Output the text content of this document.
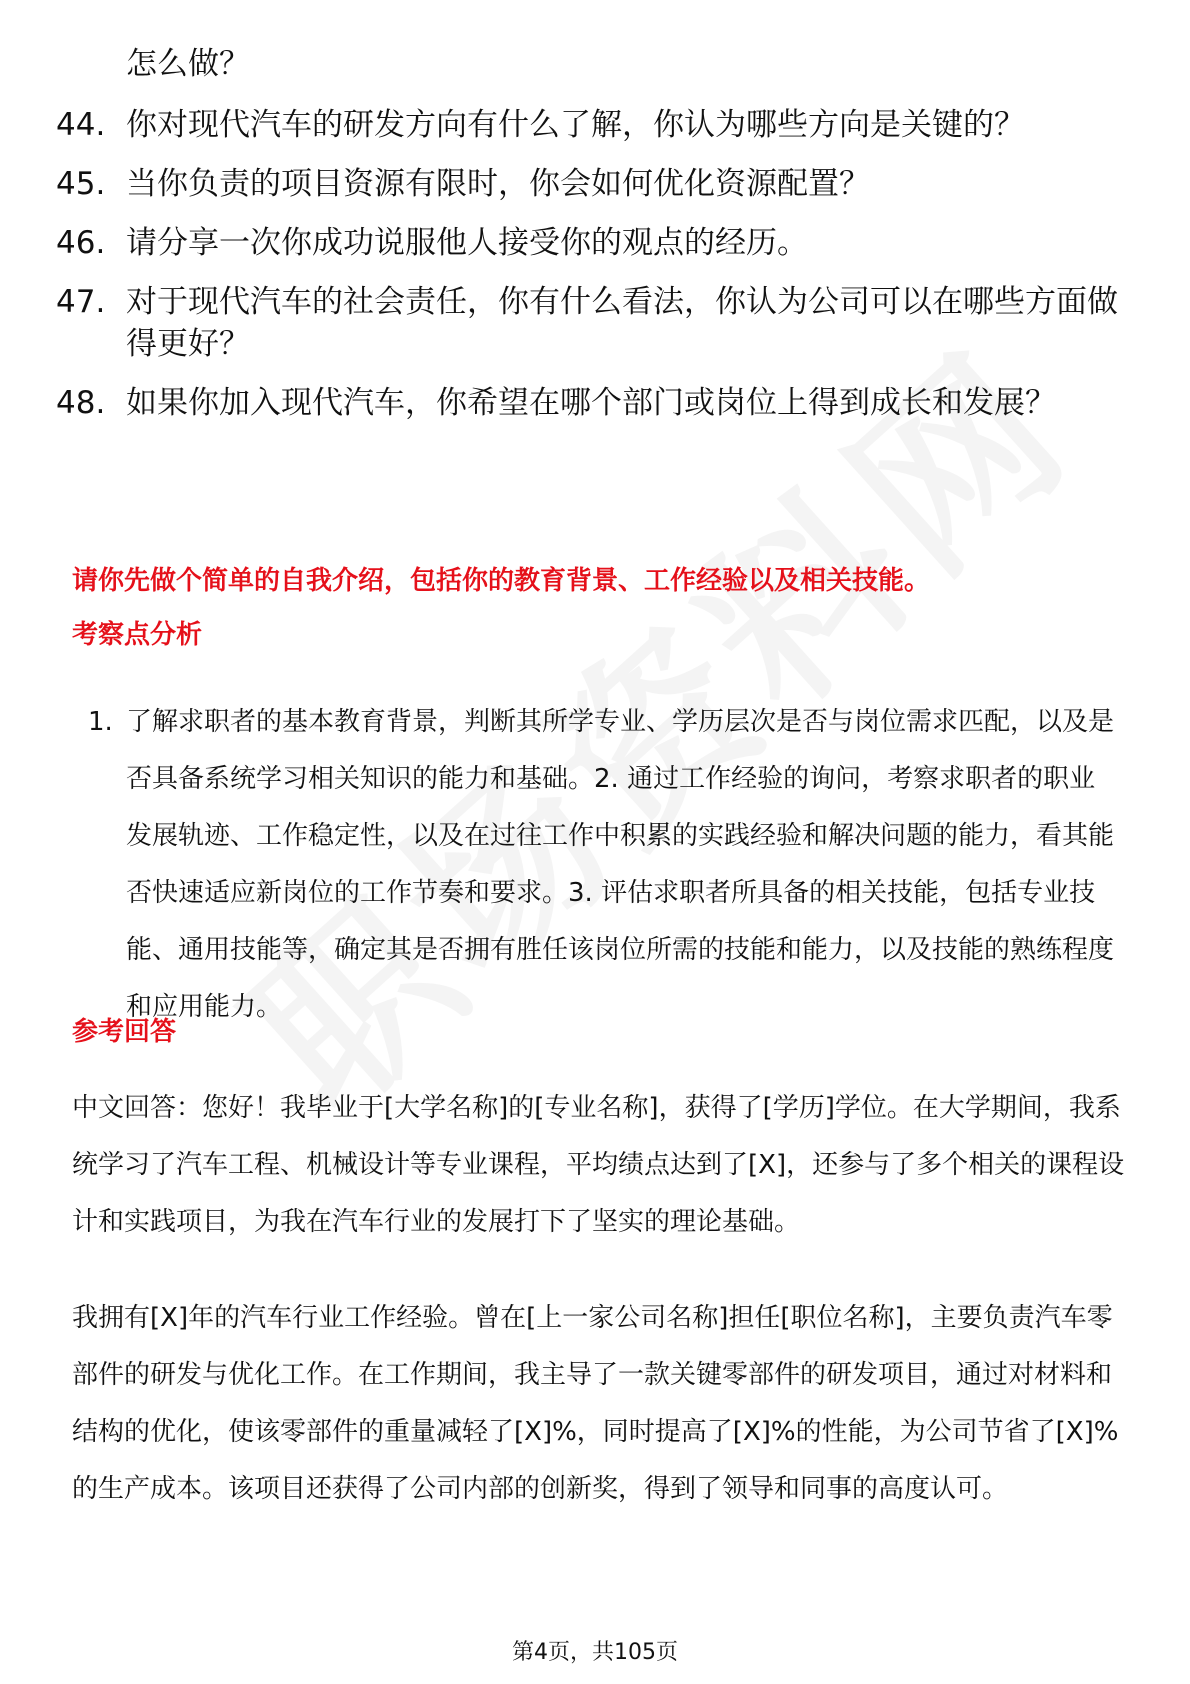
怎么做？
44. 你对现代汽车的研发方向有什么了解，你认为哪些方向是关键的？
45. 当你负责的项目资源有限时，你会如何优化资源配置？
46. 请分享一次你成功说服他人接受你的观点的经历。
47. 对于现代汽车的社会责任，你有什么看法，你认为公司可以在哪些方面做得更好？
48. 如果你加入现代汽车，你希望在哪个部门或岗位上得到成长和发展？
请你先做个简单的自我介绍，包括你的教育背景、工作经验以及相关技能。
考察点分析
1. 了解求职者的基本教育背景，判断其所学专业、学历层次是否与岗位需求匹配，以及是否具备系统学习相关知识的能力和基础。2. 通过工作经验的询问，考察求职者的职业发展轨迹、工作稳定性，以及在过往工作中积累的实践经验和解决问题的能力，看其能否快速适应新岗位的工作节奏和要求。3. 评估求职者所具备的相关技能，包括专业技能、通用技能等，确定其是否拥有胜任该岗位所需的技能和能力，以及技能的熟练程度和应用能力。
参考回答
中文回答：您好！我毕业于[大学名称]的[专业名称]，获得了[学历]学位。在大学期间，我系统学习了汽车工程、机械设计等专业课程，平均绩点达到了[X]，还参与了多个相关的课程设计和实践项目，为我在汽车行业的发展打下了坚实的理论基础。
我拥有[X]年的汽车行业工作经验。曾在[上一家公司名称]担任[职位名称]，主要负责汽车零部件的研发与优化工作。在工作期间，我主导了一款关键零部件的研发项目，通过对材料和结构的优化，使该零部件的重量减轻了[X]%，同时提高了[X]%的性能，为公司节省了[X]%的生产成本。该项目还获得了公司内部的创新奖，得到了领导和同事的高度认可。
第4页，共105页
